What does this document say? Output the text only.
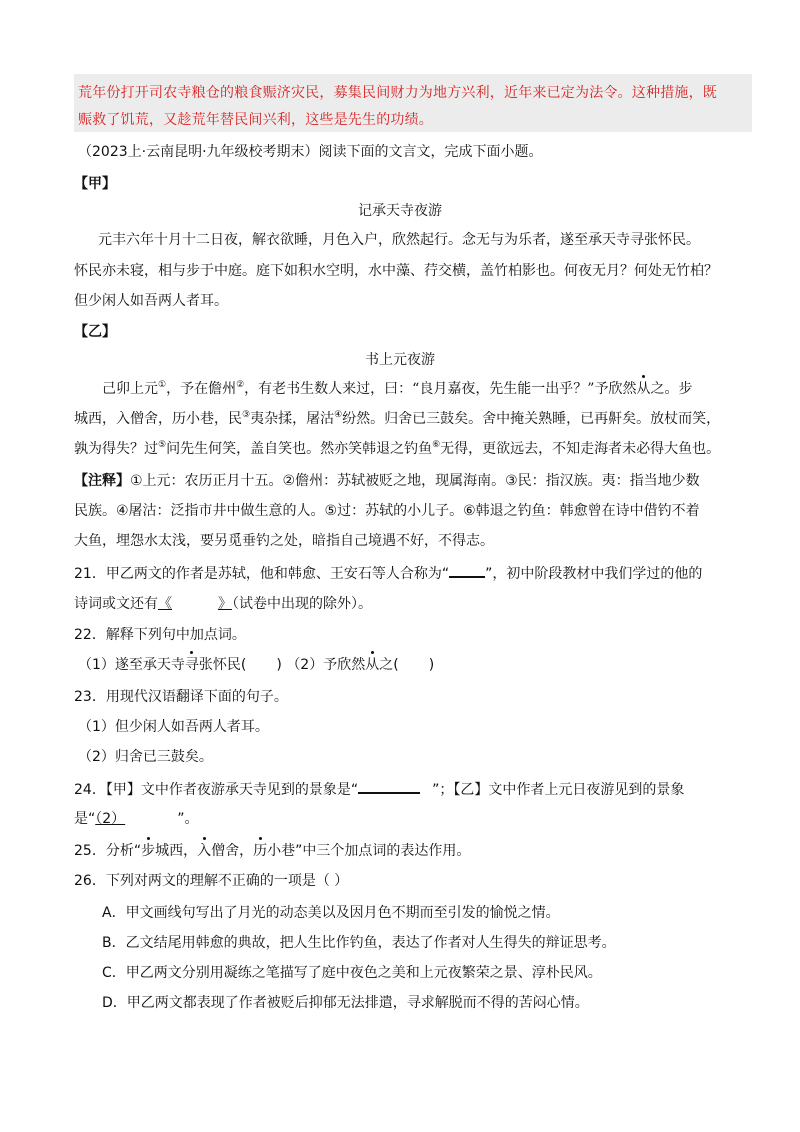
荒年份打开司农寺粮仓的粮食赈济灾民，募集民间财力为地方兴利，近年来已定为法令。这种措施，既
赈救了饥荒，又趁荒年替民间兴利，这些是先生的功绩。
（2023上·云南昆明·九年级校考期末）阅读下面的文言文，完成下面小题。
【甲】
记承天寺夜游
元丰六年十月十二日夜，解衣欲睡，月色入户，欣然起行。念无与为乐者，遂至承天寺寻张怀民。
怀民亦未寝，相与步于中庭。庭下如积水空明，水中藻、荇交横，盖竹柏影也。何夜无月？何处无竹柏？
但少闲人如吾两人者耳。
【乙】
书上元夜游
己卯上元①，予在儋州②，有老书生数人来过，曰：“良月嘉夜，先生能一出乎？”予欣然从之。步
城西，入僧舍，历小巷，民③夷杂揉，屠沽④纷然。归舍已三鼓矣。舍中掩关熟睡，已再鼾矣。放杖而笑，
孰为得失？过⑤问先生何笑，盖自笑也。然亦笑韩退之钓鱼⑥无得，更欲远去，不知走海者未必得大鱼也。
【注释】①上元：农历正月十五。②儋州：苏轼被贬之地，现属海南。③民：指汉族。夷：指当地少数
民族。④屠沽：泛指市井中做生意的人。⑤过：苏轼的小儿子。⑥韩退之钓鱼：韩愈曾在诗中借钓不着
大鱼，埋怨水太浅，要另觅垂钓之处，暗指自己境遇不好，不得志。
21．甲乙两文的作者是苏轼，他和韩愈、王安石等人合称为“	”，初中阶段教材中我们学过的他的
诗词或文还有《	》（试卷中出现的除外）。
22．解释下列句中加点词。
（1）遂至承天寺寻张怀民( ) （2）予欣然从之( )
23．用现代汉语翻译下面的句子。
（1）但少闲人如吾两人者耳。
（2）归舍已三鼓矣。
24．【甲】文中作者夜游承天寺见到的景象是“	”；【乙】文中作者上元日夜游见到的景象
是“（2）	”。
25．分析“步城西，入僧舍，历小巷”中三个加点词的表达作用。
26．下列对两文的理解不正确的一项是（ ）
A．甲文画线句写出了月光的动态美以及因月色不期而至引发的愉悦之情。
B．乙文结尾用韩愈的典故，把人生比作钓鱼，表达了作者对人生得失的辩证思考。
C．甲乙两文分别用凝练之笔描写了庭中夜色之美和上元夜繁荣之景、淳朴民风。
D．甲乙两文都表现了作者被贬后抑郁无法排遣，寻求解脱而不得的苦闷心情。
